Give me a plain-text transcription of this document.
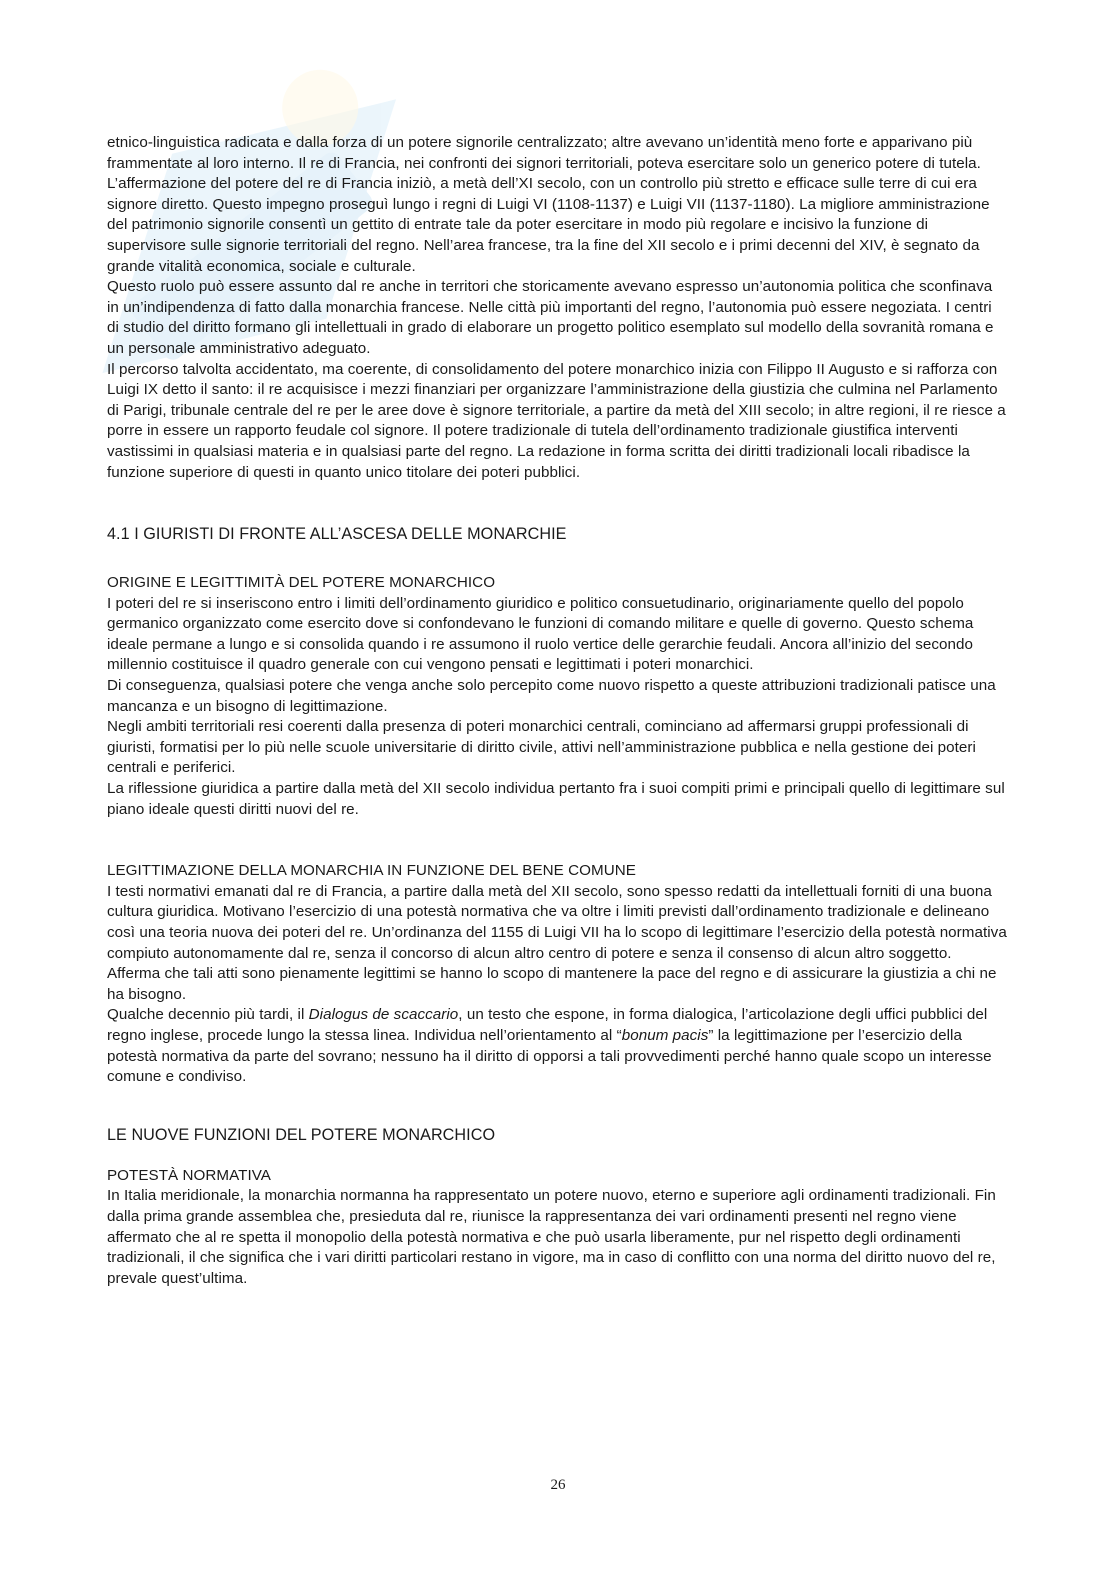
etnico-linguistica radicata e dalla forza di un potere signorile centralizzato; altre avevano un’identità meno forte e apparivano più frammentate al loro interno. Il re di Francia, nei confronti dei signori territoriali, poteva esercitare solo un generico potere di tutela.

L’affermazione del potere del re di Francia iniziò, a metà dell’XI secolo, con un controllo più stretto e efficace sulle terre di cui era signore diretto. Questo impegno proseguì lungo i regni di Luigi VI (1108-1137) e Luigi VII (1137-1180). La migliore amministrazione del patrimonio signorile consentì un gettito di entrate tale da poter esercitare in modo più regolare e incisivo la funzione di supervisore sulle signorie territoriali del regno. Nell’area francese, tra la fine del XII secolo e i primi decenni del XIV, è segnato da grande vitalità economica, sociale e culturale.

Questo ruolo può essere assunto dal re anche in territori che storicamente avevano espresso un’autonomia politica che sconfinava in un’indipendenza di fatto dalla monarchia francese. Nelle città più importanti del regno, l’autonomia può essere negoziata. I centri di studio del diritto formano gli intellettuali in grado di elaborare un progetto politico esemplato sul modello della sovranità romana e un personale amministrativo adeguato.

Il percorso talvolta accidentato, ma coerente, di consolidamento del potere monarchico inizia con Filippo II Augusto e si rafforza con Luigi IX detto il santo: il re acquisisce i mezzi finanziari per organizzare l’amministrazione della giustizia che culmina nel Parlamento di Parigi, tribunale centrale del re per le aree dove è signore territoriale, a partire da metà del XIII secolo; in altre regioni, il re riesce a porre in essere un rapporto feudale col signore. Il potere tradizionale di tutela dell’ordinamento tradizionale giustifica interventi vastissimi in qualsiasi materia e in qualsiasi parte del regno. La redazione in forma scritta dei diritti tradizionali locali ribadisce la funzione superiore di questi in quanto unico titolare dei poteri pubblici.

4.1 I GIURISTI DI FRONTE ALL’ASCESA DELLE MONARCHIE
ORIGINE E LEGITTIMITÀ DEL POTERE MONARCHICO

I poteri del re si inseriscono entro i limiti dell’ordinamento giuridico e politico consuetudinario, originariamente quello del popolo germanico organizzato come esercito dove si confondevano le funzioni di comando militare e quelle di governo. Questo schema ideale permane a lungo e si consolida quando i re assumono il ruolo vertice delle gerarchie feudali. Ancora all’inizio del secondo millennio costituisce il quadro generale con cui vengono pensati e legittimati i poteri monarchici.

Di conseguenza, qualsiasi potere che venga anche solo percepito come nuovo rispetto a queste attribuzioni tradizionali patisce una mancanza e un bisogno di legittimazione.

Negli ambiti territoriali resi coerenti dalla presenza di poteri monarchici centrali, cominciano ad affermarsi gruppi professionali di giuristi, formatisi per lo più nelle scuole universitarie di diritto civile, attivi nell’amministrazione pubblica e nella gestione dei poteri centrali e periferici.

La riflessione giuridica a partire dalla metà del XII secolo individua pertanto fra i suoi compiti primi e principali quello di legittimare sul piano ideale questi diritti nuovi del re.

LEGITTIMAZIONE DELLA MONARCHIA IN FUNZIONE DEL BENE COMUNE

I testi normativi emanati dal re di Francia, a partire dalla metà del XII secolo, sono spesso redatti da intellettuali forniti di una buona cultura giuridica. Motivano l’esercizio di una potestà normativa che va oltre i limiti previsti dall’ordinamento tradizionale e delineano così una teoria nuova dei poteri del re. Un’ordinanza del 1155 di Luigi VII ha lo scopo di legittimare l’esercizio della potestà normativa compiuto autonomamente dal re, senza il concorso di alcun altro centro di potere e senza il consenso di alcun altro soggetto. Afferma che tali atti sono pienamente legittimi se hanno lo scopo di mantenere la pace del regno e di assicurare la giustizia a chi ne ha bisogno.

Qualche decennio più tardi, il Dialogus de scaccario, un testo che espone, in forma dialogica, l’articolazione degli uffici pubblici del regno inglese, procede lungo la stessa linea. Individua nell’orientamento al “bonum pacis” la legittimazione per l’esercizio della potestà normativa da parte del sovrano; nessuno ha il diritto di opporsi a tali provvedimenti perché hanno quale scopo un interesse comune e condiviso.

LE NUOVE FUNZIONI DEL POTERE MONARCHICO
POTESTÀ NORMATIVA

In Italia meridionale, la monarchia normanna ha rappresentato un potere nuovo, eterno e superiore agli ordinamenti tradizionali. Fin dalla prima grande assemblea che, presieduta dal re, riunisce la rappresentanza dei vari ordinamenti presenti nel regno viene affermato che al re spetta il monopolio della potestà normativa e che può usarla liberamente, pur nel rispetto degli ordinamenti tradizionali, il che significa che i vari diritti particolari restano in vigore, ma in caso di conflitto con una norma del diritto nuovo del re, prevale quest’ultima.

26
